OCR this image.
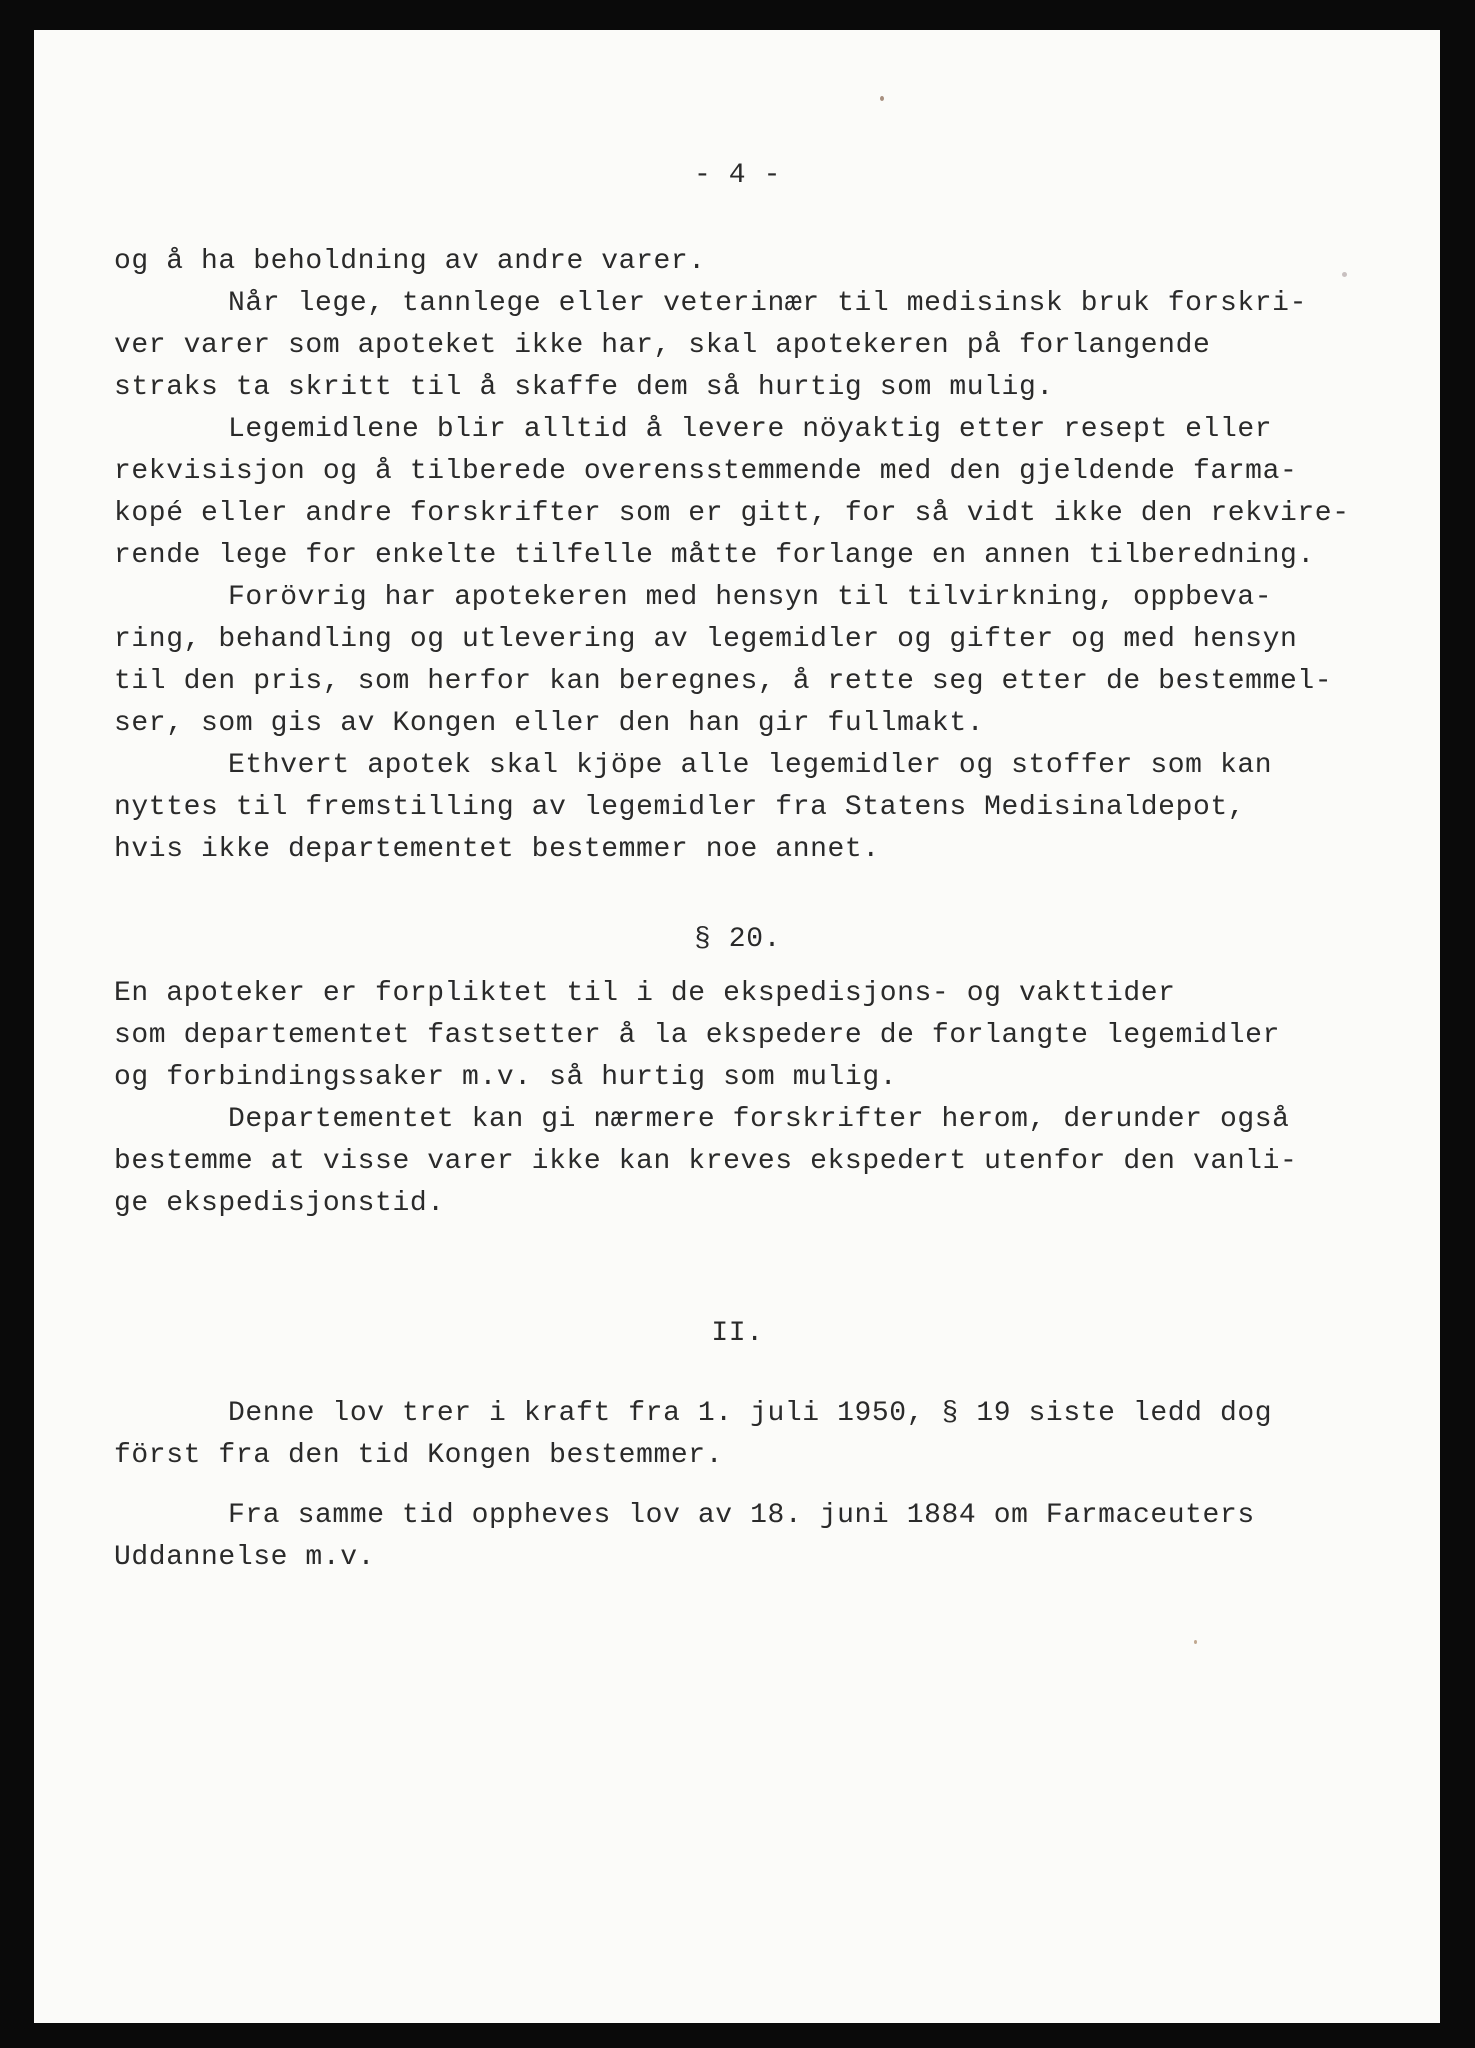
- 4 -
og å ha beholdning av andre varer.
Når lege, tannlege eller veterinær til medisinsk bruk forskri-
ver varer som apoteket ikke har, skal apotekeren på forlangende
straks ta skritt til å skaffe dem så hurtig som mulig.
Legemidlene blir alltid å levere nöyaktig etter resept eller
rekvisisjon og å tilberede overensstemmende med den gjeldende farma-
kopé eller andre forskrifter som er gitt, for så vidt ikke den rekvire-
rende lege for enkelte tilfelle måtte forlange en annen tilberedning.
Forövrig har apotekeren med hensyn til tilvirkning, oppbeva-
ring, behandling og utlevering av legemidler og gifter og med hensyn
til den pris, som herfor kan beregnes, å rette seg etter de bestemmel-
ser, som gis av Kongen eller den han gir fullmakt.
Ethvert apotek skal kjöpe alle legemidler og stoffer som kan
nyttes til fremstilling av legemidler fra Statens Medisinaldepot,
hvis ikke departementet bestemmer noe annet.
§ 20.
En apoteker er forpliktet til i de ekspedisjons- og vakttider
som departementet fastsetter å la ekspedere de forlangte legemidler
og forbindingssaker m.v. så hurtig som mulig.
Departementet kan gi nærmere forskrifter herom, derunder også
bestemme at visse varer ikke kan kreves ekspedert utenfor den vanli-
ge ekspedisjonstid.
II.
Denne lov trer i kraft fra 1. juli 1950, § 19 siste ledd dog
först fra den tid Kongen bestemmer.
Fra samme tid oppheves lov av 18. juni 1884 om Farmaceuters
Uddannelse m.v.
